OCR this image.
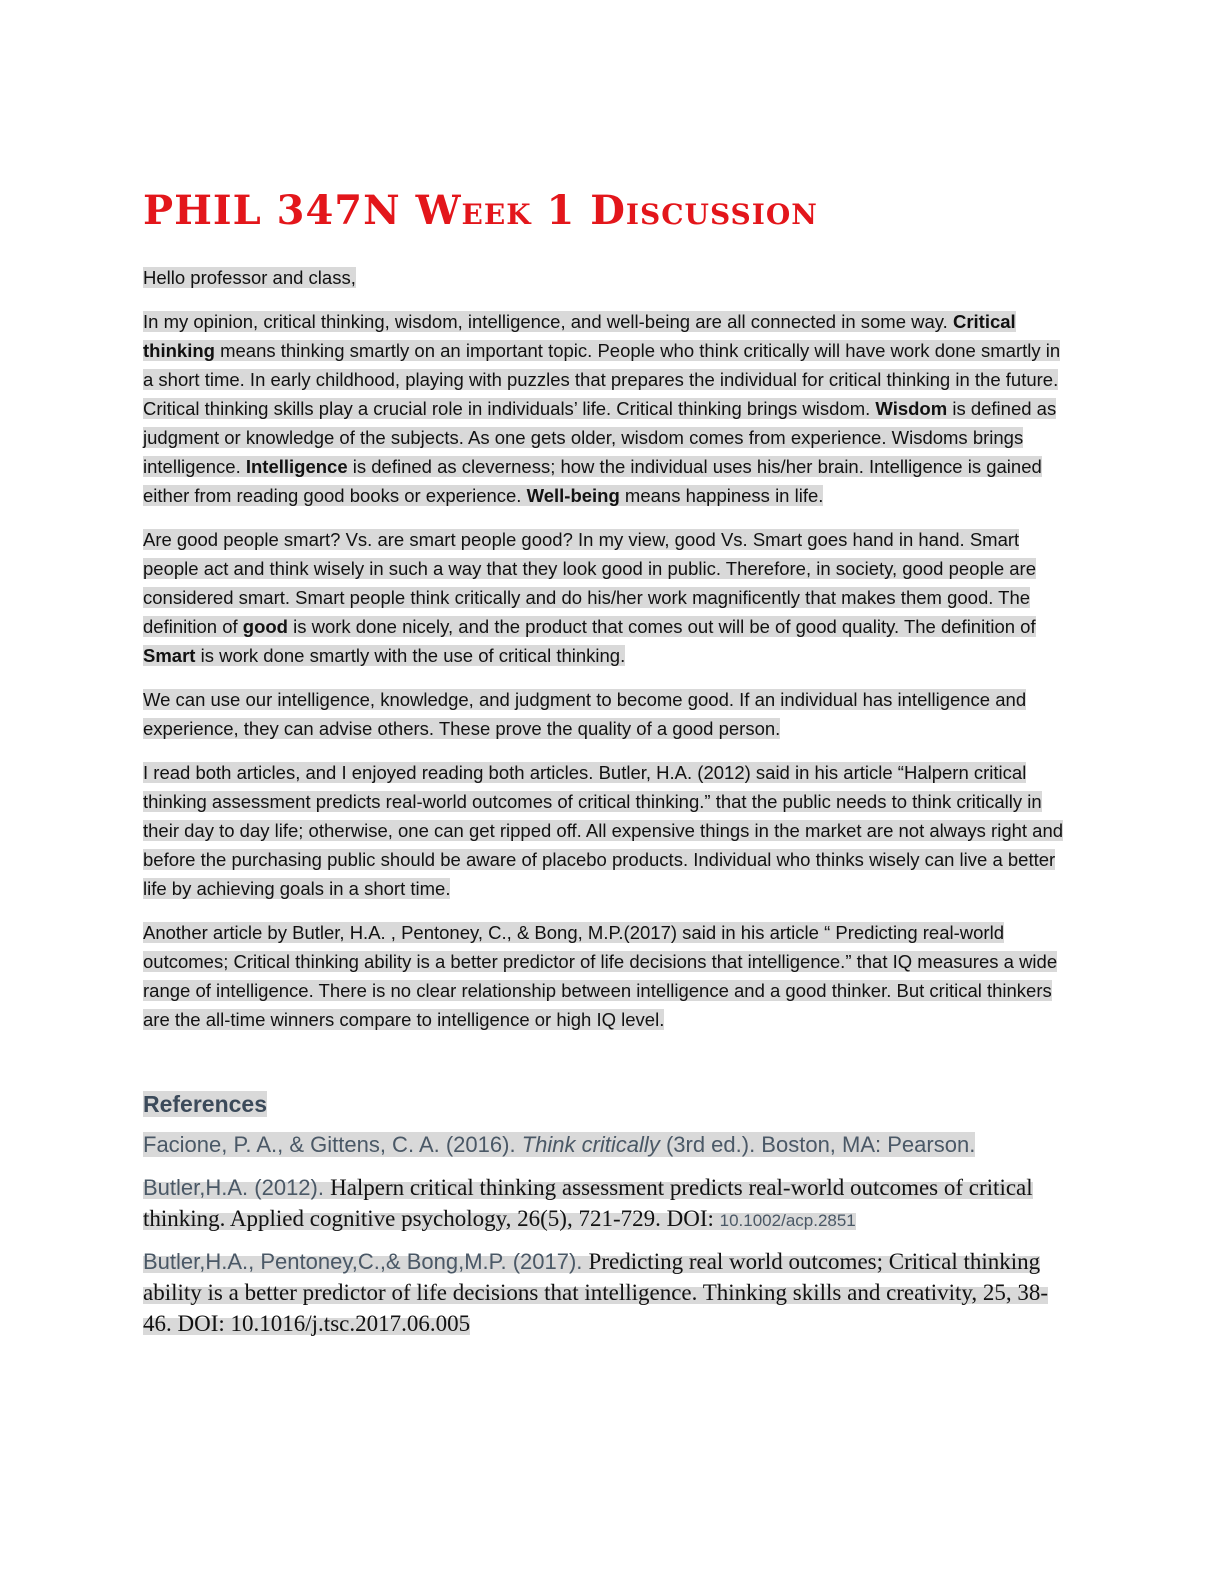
PHIL 347N Week 1 Discussion

Hello professor and class,

In my opinion, critical thinking, wisdom, intelligence, and well-being are all connected in some way. Critical thinking means thinking smartly on an important topic. People who think critically will have work done smartly in a short time. In early childhood, playing with puzzles that prepares the individual for critical thinking in the future. Critical thinking skills play a crucial role in individuals’ life. Critical thinking brings wisdom. Wisdom is defined as judgment or knowledge of the subjects. As one gets older, wisdom comes from experience. Wisdoms brings intelligence. Intelligence is defined as cleverness; how the individual uses his/her brain. Intelligence is gained either from reading good books or experience. Well-being means happiness in life.

Are good people smart? Vs. are smart people good? In my view, good Vs. Smart goes hand in hand. Smart people act and think wisely in such a way that they look good in public. Therefore, in society, good people are considered smart. Smart people think critically and do his/her work magnificently that makes them good. The definition of good is work done nicely, and the product that comes out will be of good quality. The definition of Smart is work done smartly with the use of critical thinking.

We can use our intelligence, knowledge, and judgment to become good. If an individual has intelligence and experience, they can advise others. These prove the quality of a good person.

I read both articles, and I enjoyed reading both articles. Butler, H.A. (2012) said in his article “Halpern critical thinking assessment predicts real-world outcomes of critical thinking.” that the public needs to think critically in their day to day life; otherwise, one can get ripped off. All expensive things in the market are not always right and before the purchasing public should be aware of placebo products. Individual who thinks wisely can live a better life by achieving goals in a short time.

Another article by Butler, H.A. , Pentoney, C., & Bong, M.P.(2017) said in his article “ Predicting real-world outcomes; Critical thinking ability is a better predictor of life decisions that intelligence.” that IQ measures a wide range of intelligence. There is no clear relationship between intelligence and a good thinker. But critical thinkers are the all-time winners compare to intelligence or high IQ level.

References

Facione, P. A., & Gittens, C. A. (2016). Think critically (3rd ed.). Boston, MA: Pearson.

Butler,H.A. (2012). Halpern critical thinking assessment predicts real-world outcomes of critical thinking. Applied cognitive psychology, 26(5), 721-729. DOI: 10.1002/acp.2851

Butler,H.A., Pentoney,C.,& Bong,M.P. (2017). Predicting real world outcomes; Critical thinking ability is a better predictor of life decisions that intelligence. Thinking skills and creativity, 25, 38-46. DOI: 10.1016/j.tsc.2017.06.005
